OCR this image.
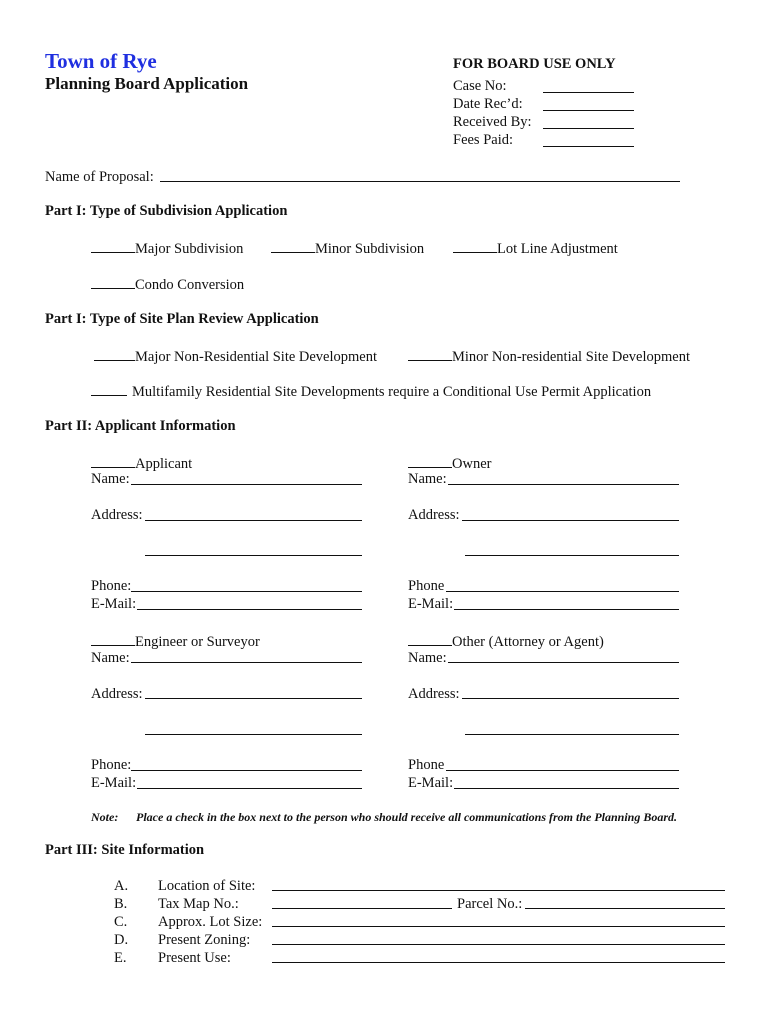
Town of Rye
Planning Board Application
FOR BOARD USE ONLY
Case No:
Date Rec’d:
Received By:
Fees Paid:
Name of Proposal:
Part I: Type of Subdivision Application
Major Subdivision	Minor Subdivision	Lot Line Adjustment
Condo Conversion
Part I: Type of Site Plan Review Application
Major Non-Residential Site Development	Minor Non-residential Site Development
Multifamily Residential Site Developments require a Conditional Use Permit Application
Part II: Applicant Information
Applicant
Name:
Address:
Phone:
E-Mail:
Owner
Name:
Address:
Phone
E-Mail:
Engineer or Surveyor
Name:
Address:
Phone:
E-Mail:
Other (Attorney or Agent)
Name:
Address:
Phone
E-Mail:
Note: Place a check in the box next to the person who should receive all communications from the Planning Board.
Part III: Site Information
A. Location of Site:
B. Tax Map No.:	Parcel No.:
C. Approx. Lot Size:
D. Present Zoning:
E. Present Use:
